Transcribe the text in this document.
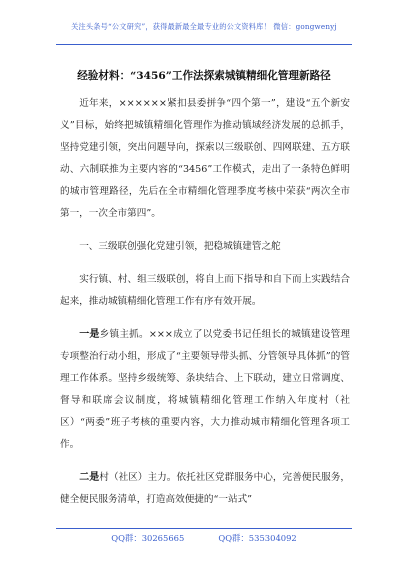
关注头条号“公文研究”，获得最新最全最专业的公文资料库！ 微信：gongwenyj
经验材料：“3456”工作法探索城镇精细化管理新路径

近年来，××××××紧扣县委拼争“四个第一”，建设“五个新安义”目标，始终把城镇精细化管理作为推动镇域经济发展的总抓手，坚持党建引领，突出问题导向，探索以三级联创、四网联建、五方联动、六制联推为主要内容的“3456”工作模式，走出了一条特色鲜明的城市管理路径，先后在全市精细化管理季度考核中荣获“两次全市第一，一次全市第四”。

一、三级联创强化党建引领，把稳城镇建管之舵

实行镇、村、组三级联创，将自上而下指导和自下而上实践结合起来，推动城镇精细化管理工作有序有效开展。

一是乡镇主抓。×××成立了以党委书记任组长的城镇建设管理专项整治行动小组，形成了“主要领导带头抓、分管领导具体抓”的管理工作体系。坚持乡级统筹、条块结合、上下联动，建立日常调度、督导和联席会议制度，将城镇精细化管理工作纳入年度村（社区）“两委”班子考核的重要内容，大力推动城市精细化管理各项工作。

二是村（社区）主力。依托社区党群服务中心，完善便民服务，健全便民服务清单，打造高效便捷的“一站式”

QQ群：30265665	QQ群：535304092
